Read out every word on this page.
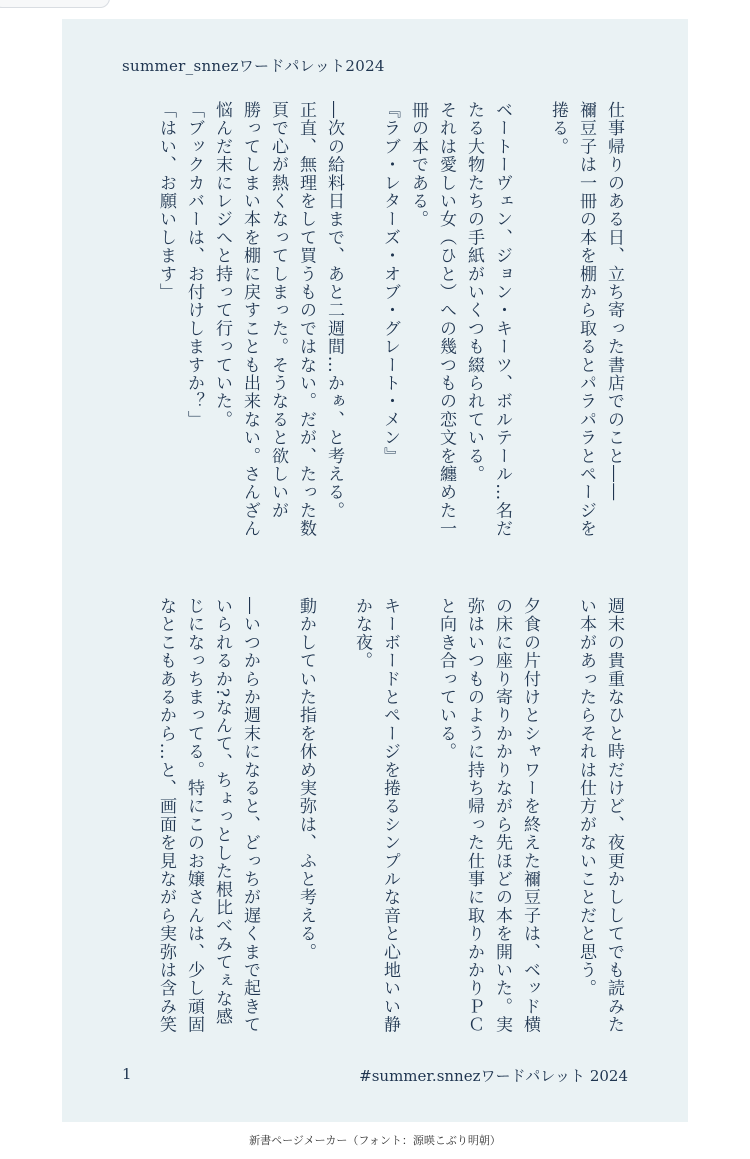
summer_snnezワードパレット2024
仕事帰りのある日、立ち寄った書店でのこと――
禰豆子は一冊の本を棚から取るとパラパラとページを
捲る。

ベートーヴェン、ジョン・キーツ、ボルテール…名だ
たる大物たちの手紙がいくつも綴られている。
それは愛しい女（ひと）への幾つもの恋文を纏めた一
冊の本である。
『ラブ・レターズ・オブ・グレート・メン』

―次の給料日まで、あと二週間…かぁ、と考える。
正直、無理をして買うものではない。だが、たった数
頁で心が熱くなってしまった。そうなると欲しいが
勝ってしまい本を棚に戻すことも出来ない。さんざん
悩んだ末にレジへと持って行っていた。
「ブックカバーは、お付けしますか？」
「はい、お願いします」
週末の貴重なひと時だけど、夜更かししてでも読みた
い本があったらそれは仕方がないことだと思う。

夕食の片付けとシャワーを終えた禰豆子は、ベッド横
の床に座り寄りかかりながら先ほどの本を開いた。実
弥はいつものように持ち帰った仕事に取りかかりＰＣ
と向き合っている。

キーボードとページを捲るシンプルな音と心地いい静
かな夜。

動かしていた指を休め実弥は、ふと考える。

―いつからか週末になると、どっちが遅くまで起きて
いられるか?なんて、ちょっとした根比べみてぇな感
じになっちまってる。特にこのお嬢さんは、少し頑固
なとこもあるから…と、画面を見ながら実弥は含み笑
1	#summer.snnezワードパレット 2024
新書ページメーカー（フォント：源暎こぶり明朝）
